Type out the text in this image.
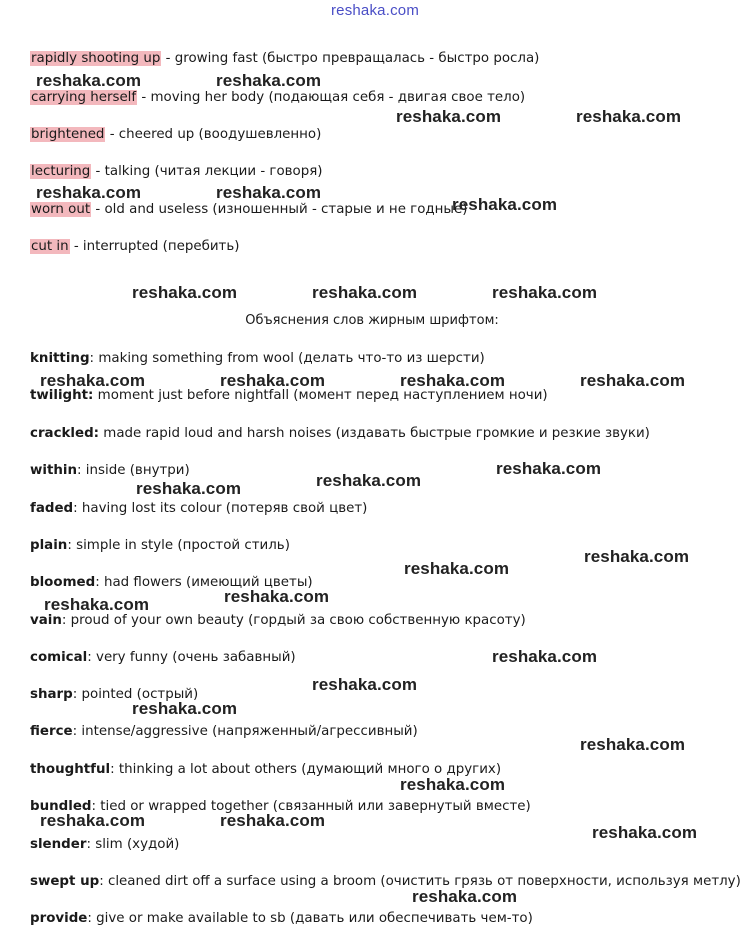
reshaka.com
rapidly shooting up - growing fast (быстро превращалась - быстро росла)
carrying herself - moving her body (подающая себя - двигая свое тело)
brightened - cheered up (воодушевленно)
lecturing - talking (читая лекции - говоря)
worn out - old and useless (изношенный - старые и не годные)
cut in - interrupted (перебить)
Объяснения слов жирным шрифтом:
knitting: making something from wool (делать что-то из шерсти)
twilight: moment just before nightfall (момент перед наступлением ночи)
crackled: made rapid loud and harsh noises (издавать быстрые громкие и резкие звуки)
within: inside (внутри)
faded: having lost its colour (потеряв свой цвет)
plain: simple in style (простой стиль)
bloomed: had flowers (имеющий цветы)
vain: proud of your own beauty (гордый за свою собственную красоту)
comical: very funny (очень забавный)
sharp: pointed (острый)
fierce: intense/aggressive (напряженный/агрессивный)
thoughtful: thinking a lot about others (думающий много о других)
bundled: tied or wrapped together (связанный или завернутый вместе)
slender: slim (худой)
swept up: cleaned dirt off a surface using a broom (очистить грязь от поверхности, используя метлу)
provide: give or make available to sb (давать или обеспечивать чем-то)
reshaka.com	reshaka.com
reshaka.com	reshaka.com
reshaka.com	reshaka.com
reshaka.com
reshaka.com	reshaka.com	reshaka.com
reshaka.com	reshaka.com	reshaka.com	reshaka.com
reshaka.com
reshaka.com
reshaka.com
reshaka.com
reshaka.com
reshaka.com
reshaka.com
reshaka.com
reshaka.com
reshaka.com
reshaka.com
reshaka.com
reshaka.com	reshaka.com
reshaka.com
reshaka.com
